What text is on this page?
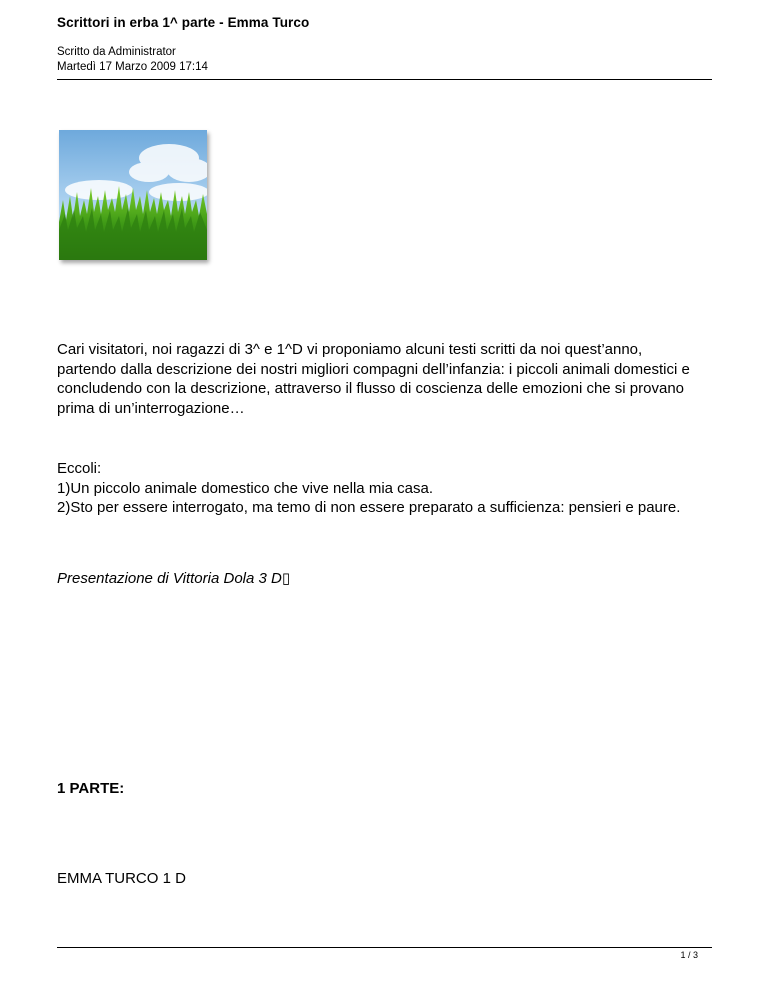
Scrittori in erba 1^ parte - Emma Turco
Scritto da Administrator
Martedì 17 Marzo 2009 17:14
Cari visitatori, noi ragazzi di 3^ e 1^D vi proponiamo alcuni testi scritti da noi quest’anno,
partendo dalla descrizione dei nostri migliori compagni dell’infanzia: i piccoli animali domestici e
concludendo con la descrizione, attraverso il flusso di coscienza delle emozioni che si provano
prima di un’interrogazione…
Eccoli:
1)Un piccolo animale domestico che vive nella mia casa.
2)Sto per essere interrogato, ma temo di non essere preparato a sufficienza: pensieri e paure.
Presentazione di Vittoria Dola 3 D▯
1 PARTE:
EMMA TURCO 1 D
1 / 3
